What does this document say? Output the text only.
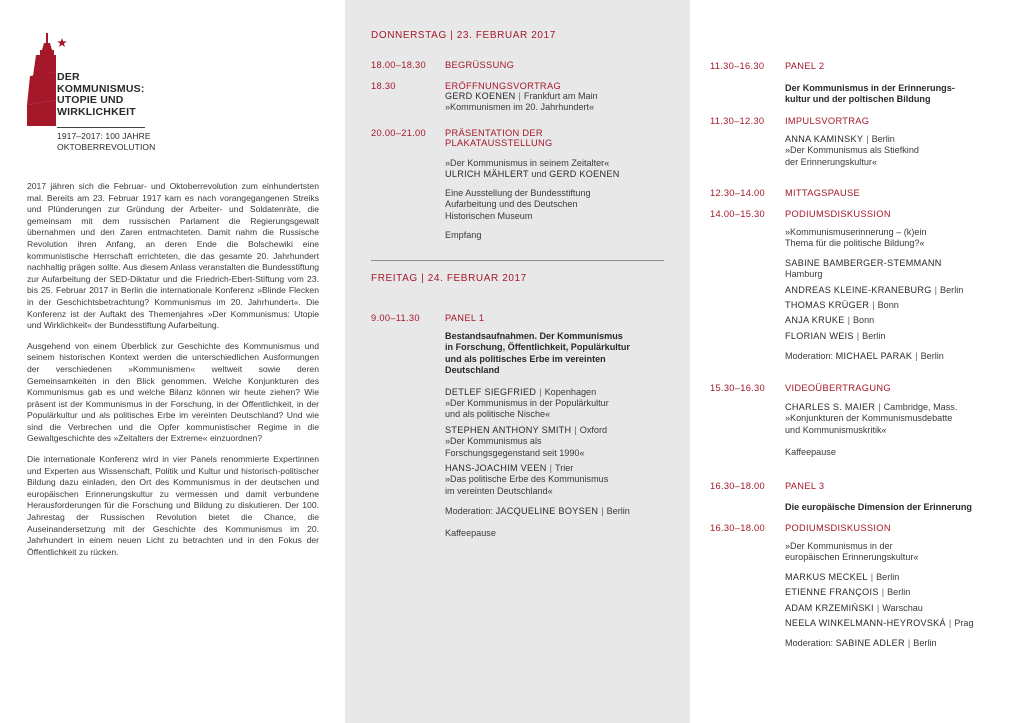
DER
KOMMUNISMUS:
UTOPIE UND
WIRKLICHKEIT
1917–2017: 100 JAHRE
OKTOBERREVOLUTION

2017 jähren sich die Februar- und Oktoberrevolution zum einhundertsten mal. Bereits am 23. Februar 1917 kam es nach vorangegangenen Streiks und Plünderungen zur Gründung der Arbeiter- und Soldatenräte, die gemeinsam mit dem russischen Parlament die Regierungsgewalt übernahmen und den Zaren entmachteten. Damit nahm die Russische Revolution ihren Anfang, an deren Ende die Bolschewiki eine kommunistische Herrschaft errichteten, die das gesamte 20. Jahrhundert nachhaltig prägen sollte. Aus diesem Anlass veranstalten die Bundesstiftung zur Aufarbeitung der SED-Diktatur und die Friedrich-Ebert-Stiftung vom 23. bis 25. Februar 2017 in Berlin die internationale Konferenz »Blinde Flecken in der Geschichtsbetrachtung? Kommunismus im 20. Jahrhundert«. Die Konferenz ist der Auftakt des Themenjahres »Der Kommunismus: Utopie und Wirklichkeit« der Bundesstiftung Aufarbeitung.

Ausgehend von einem Überblick zur Geschichte des Kommunismus und seinem historischen Kontext werden die unterschiedlichen Ausformungen der verschiedenen »Kommunismen« weltweit sowie deren Gemeinsamkeiten in den Blick genommen. Welche Konjunkturen des Kommunismus gab es und welche Bilanz können wir heute ziehen? Wie präsent ist der Kommunismus in der Forschung, in der Öffentlichkeit, in der Populärkultur und als politisches Erbe im vereinten Deutschland? Und wie sind die Verbrechen und die Opfer kommunistischer Regime in die Gewaltgeschichte des »Zeitalters der Extreme« einzuordnen?

Die internationale Konferenz wird in vier Panels renommierte Expertinnen und Experten aus Wissenschaft, Politik und Kultur und historisch-politischer Bildung dazu einladen, den Ort des Kommunismus in der deutschen und europäischen Erinnerungskultur zu vermessen und damit verbundene Herausforderungen für die Forschung und Bildung zu diskutieren. Der 100. Jahrestag der Russischen Revolution bietet die Chance, die Auseinandersetzung mit der Geschichte des Kommunismus im 20. Jahrhundert in einem neuen Licht zu betrachten und in den Fokus der Öffentlichkeit zu rücken.

DONNERSTAG | 23. FEBRUAR 2017
18.00–18.30 BEGRÜSSUNG
18.30	ERÖFFNUNGSVORTRAG
GERD KOENEN | Frankfurt am Main
»Kommunismen im 20. Jahrhundert«
20.00–21.00 PRÄSENTATION DER
PLAKATAUSSTELLUNG
»Der Kommunismus in seinem Zeitalter«
ULRICH MÄHLERT und GERD KOENEN
Eine Ausstellung der Bundesstiftung
Aufarbeitung und des Deutschen
Historischen Museum
Empfang
FREITAG | 24. FEBRUAR 2017
9.00–11.30	PANEL 1
Bestandsaufnahmen. Der Kommunismus
in Forschung, Öffentlichkeit, Populärkultur
und als politisches Erbe im vereinten
Deutschland
DETLEF SIEGFRIED | Kopenhagen
»Der Kommunismus in der Populärkultur
und als politische Nische«
STEPHEN ANTHONY SMITH | Oxford
»Der Kommunismus als
Forschungsgegenstand seit 1990«
HANS-JOACHIM VEEN | Trier
»Das politische Erbe des Kommunismus
im vereinten Deutschland«
Moderation: JACQUELINE BOYSEN | Berlin
Kaffeepause
11.30–16.30 PANEL 2
Der Kommunismus in der Erinnerungs-
kultur und der poltischen Bildung
11.30–12.30 IMPULSVORTRAG
ANNA KAMINSKY | Berlin
»Der Kommunismus als Stiefkind
der Erinnerungskultur«
12.30–14.00 MITTAGSPAUSE
14.00–15.30 PODIUMSDISKUSSION
»Kommunismuserinnerung – (k)ein
Thema für die politische Bildung?«
SABINE BAMBERGER-STEMMANN
Hamburg
ANDREAS KLEINE-KRANEBURG | Berlin
THOMAS KRÜGER | Bonn
ANJA KRUKE | Bonn
FLORIAN WEIS | Berlin
Moderation: MICHAEL PARAK | Berlin
15.30–16.30 VIDEOÜBERTRAGUNG
CHARLES S. MAIER | Cambridge, Mass.
»Konjunkturen der Kommunismusdebatte
und Kommunismuskritik«
Kaffeepause
16.30–18.00 PANEL 3
Die europäische Dimension der Erinnerung
16.30–18.00 PODIUMSDISKUSSION
»Der Kommunismus in der
europäischen Erinnerungskultur«
MARKUS MECKEL | Berlin
ETIENNE FRANÇOIS | Berlin
ADAM KRZEMIŃSKI | Warschau
NEELA WINKELMANN-HEYROVSKÁ | Prag
Moderation: SABINE ADLER | Berlin
